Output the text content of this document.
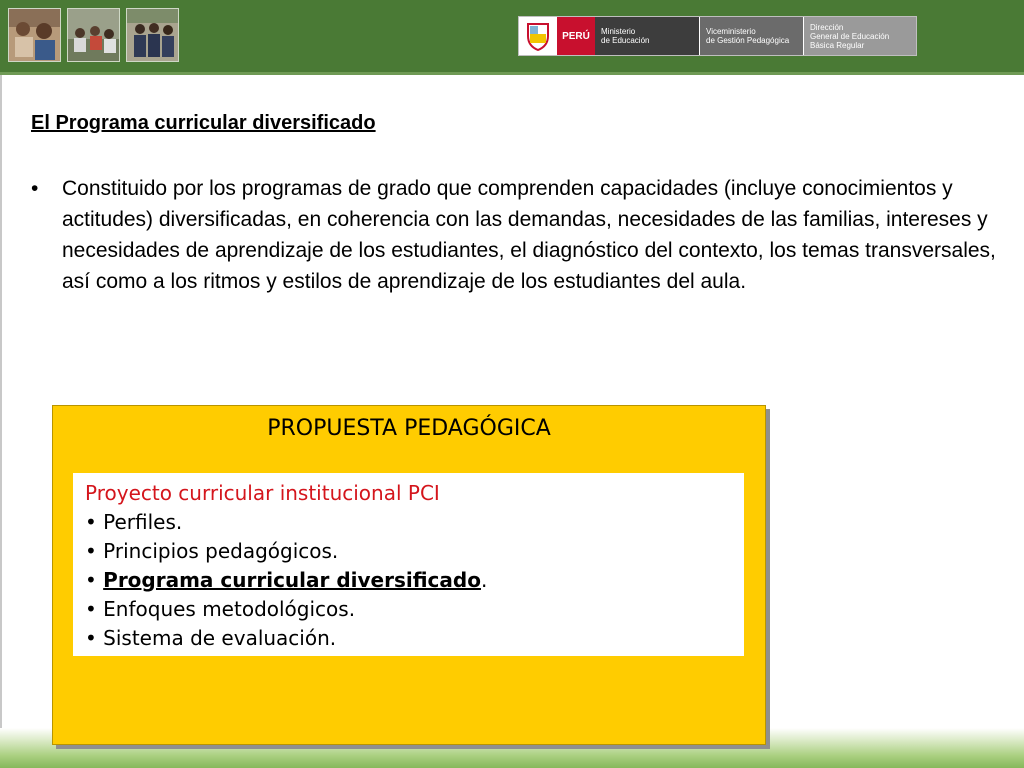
PERÚ	Ministerio
de Educación
Viceministerio
de Gestión Pedagógica
Dirección
General de Educación
Básica Regular
El Programa curricular diversificado
• Constituido por los programas de grado que comprenden capacidades (incluye conocimientos y actitudes) diversificadas, en coherencia con las demandas, necesidades de las familias, intereses y necesidades de aprendizaje de los estudiantes, el diagnóstico del contexto, los temas transversales, así como a los ritmos y estilos de aprendizaje de los estudiantes del aula.
PROPUESTA PEDAGÓGICA
Proyecto curricular institucional PCI
• Perfiles.
• Principios pedagógicos.
• Programa curricular diversificado.
• Enfoques metodológicos.
• Sistema de evaluación.
